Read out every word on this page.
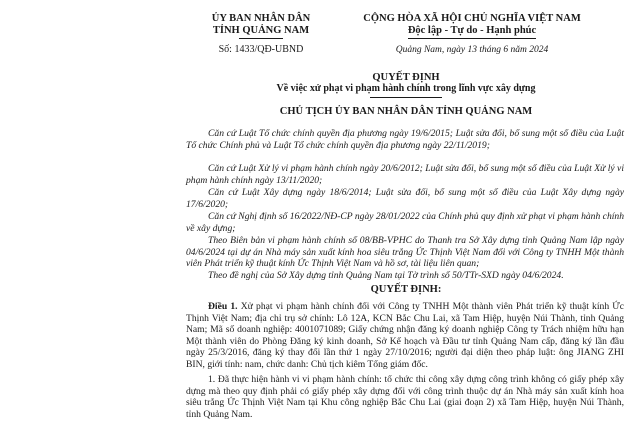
ỦY BAN NHÂN DÂN
TỈNH QUẢNG NAM
Số: 1433/QĐ-UBND
CỘNG HÒA XÃ HỘI CHỦ NGHĨA VIỆT NAM
Độc lập - Tự do - Hạnh phúc
Quảng Nam, ngày 13 tháng 6 năm 2024
QUYẾT ĐỊNH
Về việc xử phạt vi phạm hành chính trong lĩnh vực xây dựng
CHỦ TỊCH ỦY BAN NHÂN DÂN TỈNH QUẢNG NAM

Căn cứ Luật Tổ chức chính quyền địa phương ngày 19/6/2015; Luật sửa đổi, bổ sung một số điều của Luật Tổ chức Chính phủ và Luật Tổ chức chính quyền địa phương ngày 22/11/2019;

Căn cứ Luật Xử lý vi phạm hành chính ngày 20/6/2012; Luật sửa đổi, bổ sung một số điều của Luật Xử lý vi phạm hành chính ngày 13/11/2020;

Căn cứ Luật Xây dựng ngày 18/6/2014; Luật sửa đổi, bổ sung một số điều của Luật Xây dựng ngày 17/6/2020;

Căn cứ Nghị định số 16/2022/NĐ-CP ngày 28/01/2022 của Chính phủ quy định xử phạt vi phạm hành chính về xây dựng;

Theo Biên bản vi phạm hành chính số 08/BB-VPHC do Thanh tra Sở Xây dựng tỉnh Quảng Nam lập ngày 04/6/2024 tại dự án Nhà máy sản xuất kính hoa siêu trắng Ức Thịnh Việt Nam đối với Công ty TNHH Một thành viên Phát triển kỹ thuật kính Ức Thịnh Việt Nam và hồ sơ, tài liệu liên quan;

Theo đề nghị của Sở Xây dựng tỉnh Quảng Nam tại Tờ trình số 50/TTr-SXD ngày 04/6/2024.

QUYẾT ĐỊNH:

Điều 1. Xử phạt vi phạm hành chính đối với Công ty TNHH Một thành viên Phát triển kỹ thuật kính Ức Thịnh Việt Nam; địa chỉ trụ sở chính: Lô 12A, KCN Bắc Chu Lai, xã Tam Hiệp, huyện Núi Thành, tỉnh Quảng Nam; Mã số doanh nghiệp: 4001071089; Giấy chứng nhận đăng ký doanh nghiệp Công ty Trách nhiệm hữu hạn Một thành viên do Phòng Đăng ký kinh doanh, Sở Kế hoạch và Đầu tư tỉnh Quảng Nam cấp, đăng ký lần đầu ngày 25/3/2016, đăng ký thay đổi lần thứ 1 ngày 27/10/2016; người đại diện theo pháp luật: ông JIANG ZHI BIN, giới tính: nam, chức danh: Chủ tịch kiêm Tổng giám đốc.

1. Đã thực hiện hành vi vi phạm hành chính: tổ chức thi công xây dựng công trình không có giấy phép xây dựng mà theo quy định phải có giấy phép xây dựng đối với công trình thuộc dự án Nhà máy sản xuất kính hoa siêu trắng Ức Thịnh Việt Nam tại Khu công nghiệp Bắc Chu Lai (giai đoạn 2) xã Tam Hiệp, huyện Núi Thành, tỉnh Quảng Nam.
